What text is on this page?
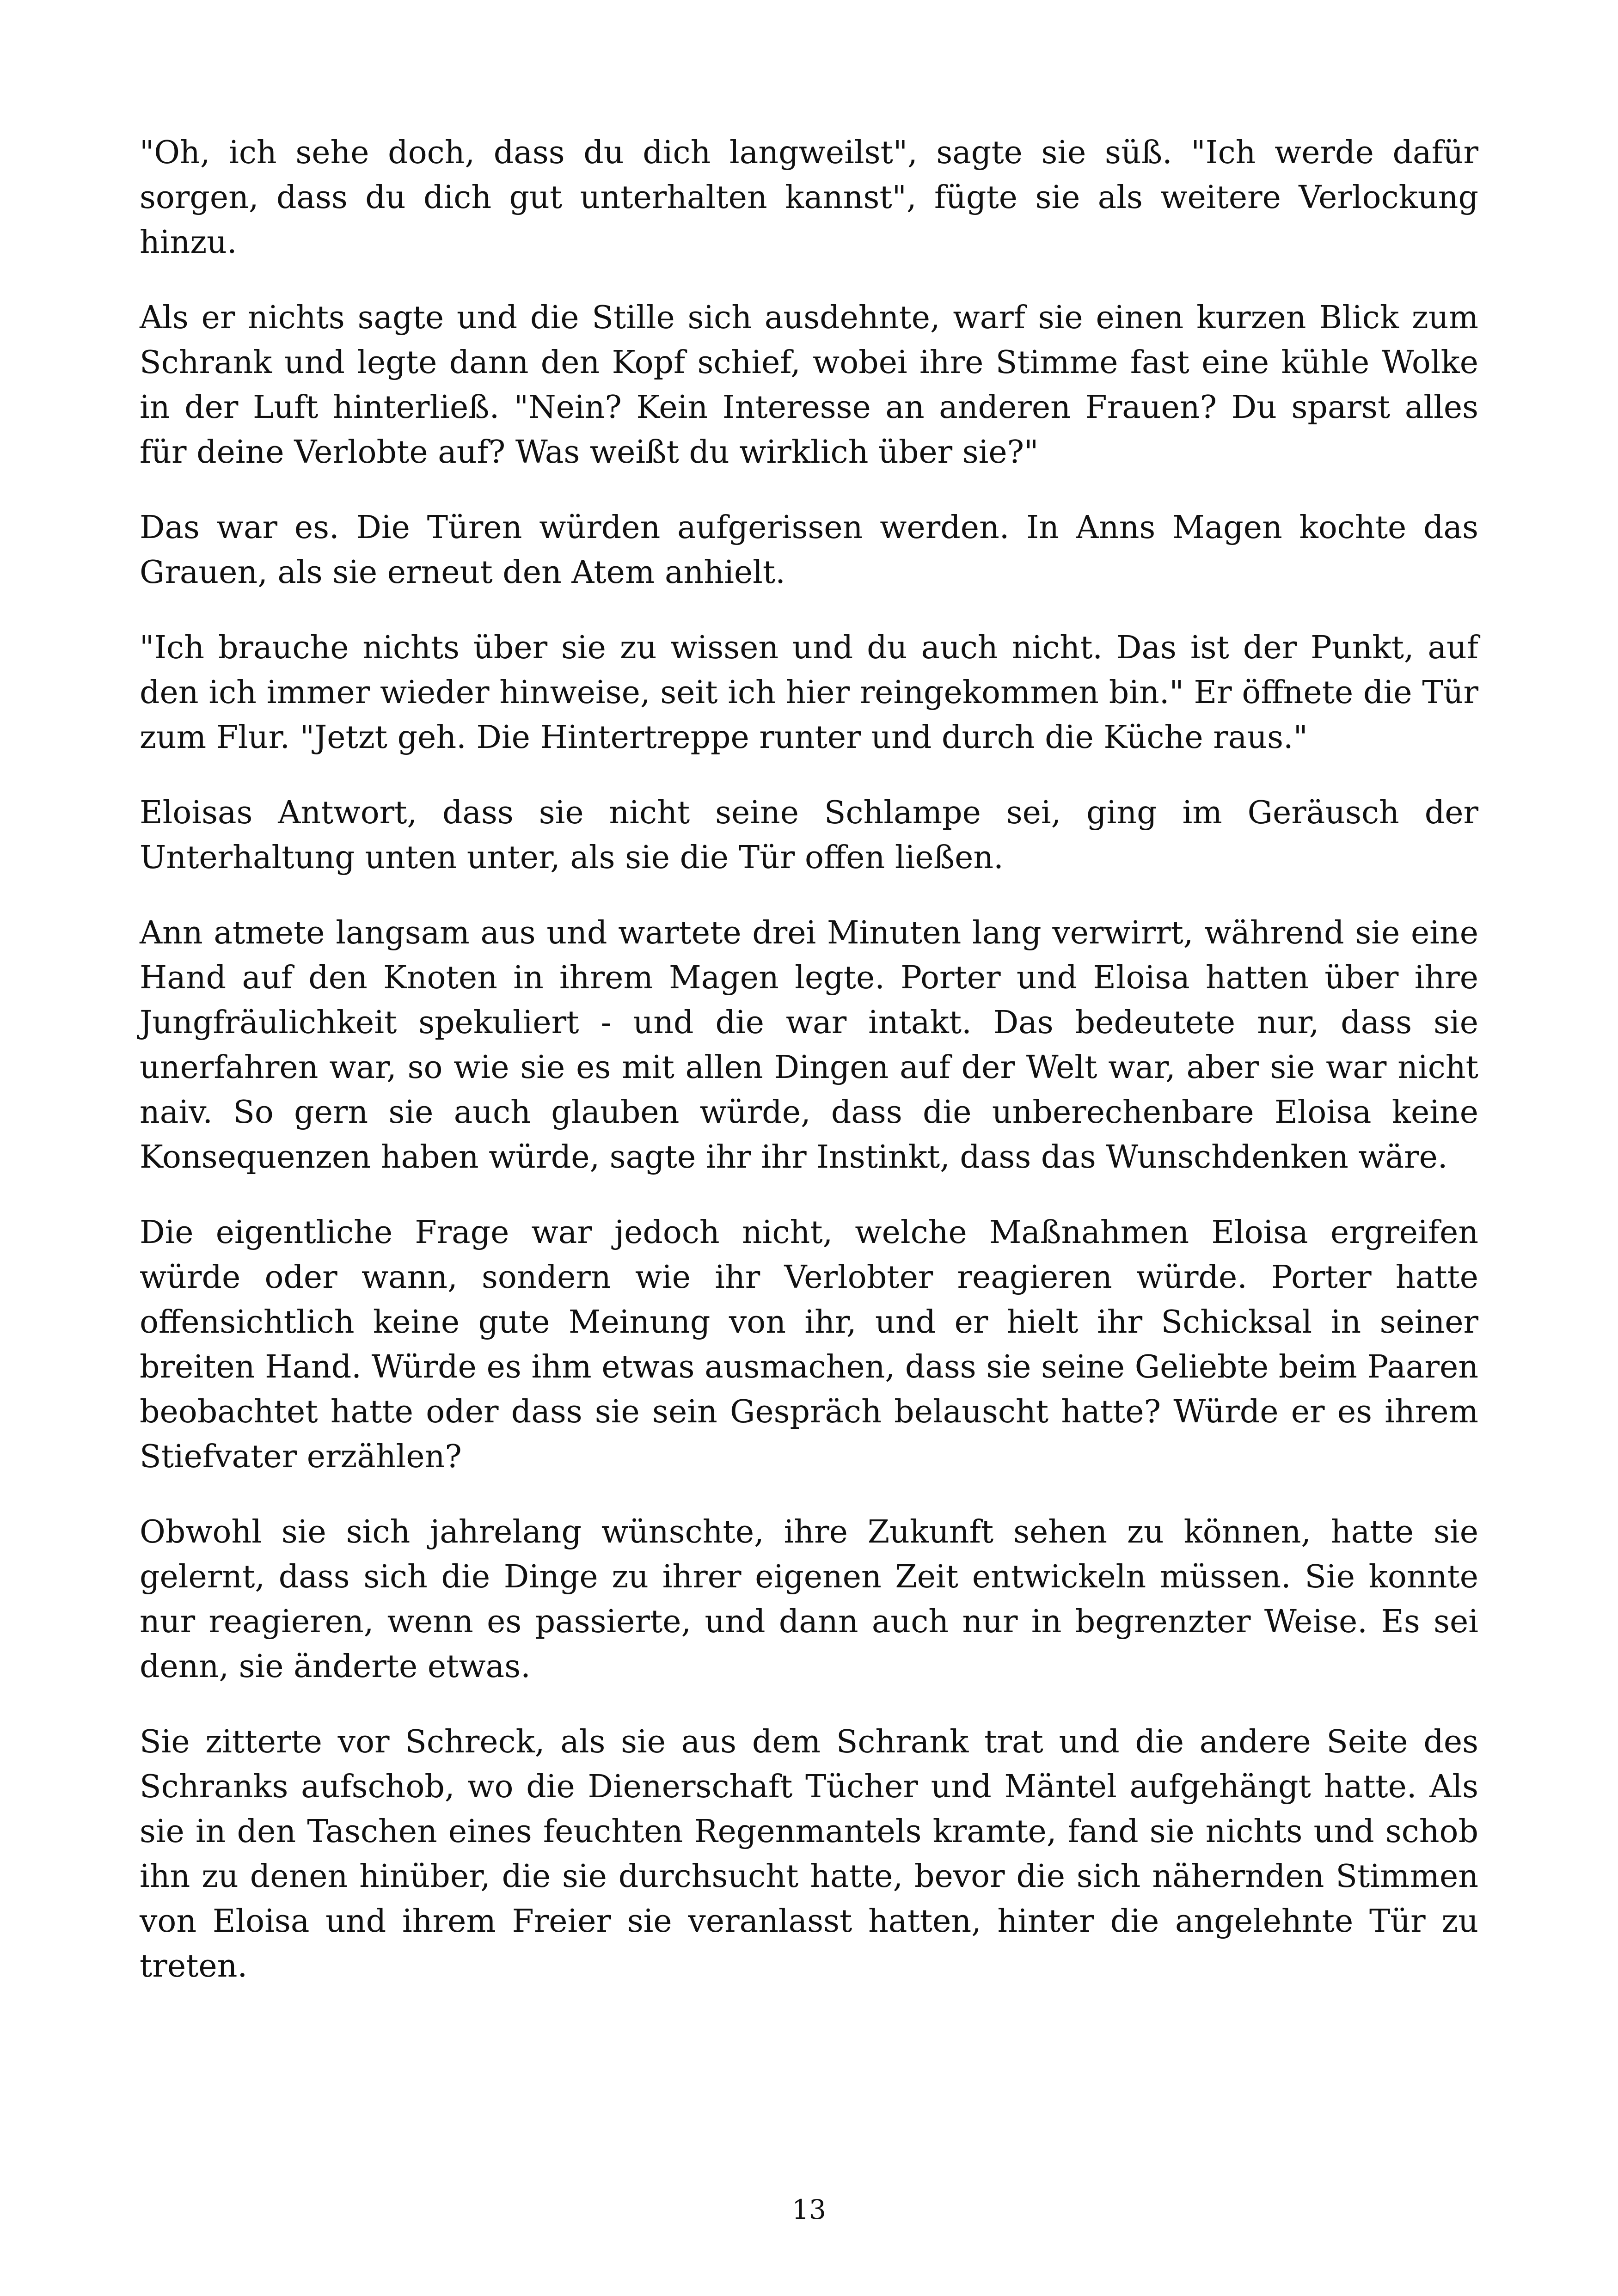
"Oh, ich sehe doch, dass du dich langweilst", sagte sie süß. "Ich werde dafür sorgen, dass du dich gut unterhalten kannst", fügte sie als weitere Verlockung hinzu.

Als er nichts sagte und die Stille sich ausdehnte, warf sie einen kurzen Blick zum Schrank und legte dann den Kopf schief, wobei ihre Stimme fast eine kühle Wolke in der Luft hinterließ. "Nein? Kein Interesse an anderen Frauen? Du sparst alles für deine Verlobte auf? Was weißt du wirklich über sie?"

Das war es. Die Türen würden aufgerissen werden. In Anns Magen kochte das Grauen, als sie erneut den Atem anhielt.

"Ich brauche nichts über sie zu wissen und du auch nicht. Das ist der Punkt, auf den ich immer wieder hinweise, seit ich hier reingekommen bin." Er öffnete die Tür zum Flur. "Jetzt geh. Die Hintertreppe runter und durch die Küche raus."

Eloisas Antwort, dass sie nicht seine Schlampe sei, ging im Geräusch der Unterhaltung unten unter, als sie die Tür offen ließen.

Ann atmete langsam aus und wartete drei Minuten lang verwirrt, während sie eine Hand auf den Knoten in ihrem Magen legte. Porter und Eloisa hatten über ihre Jungfräulichkeit spekuliert - und die war intakt. Das bedeutete nur, dass sie unerfahren war, so wie sie es mit allen Dingen auf der Welt war, aber sie war nicht naiv. So gern sie auch glauben würde, dass die unberechenbare Eloisa keine Konsequenzen haben würde, sagte ihr ihr Instinkt, dass das Wunschdenken wäre.

Die eigentliche Frage war jedoch nicht, welche Maßnahmen Eloisa ergreifen würde oder wann, sondern wie ihr Verlobter reagieren würde. Porter hatte offensichtlich keine gute Meinung von ihr, und er hielt ihr Schicksal in seiner breiten Hand. Würde es ihm etwas ausmachen, dass sie seine Geliebte beim Paaren beobachtet hatte oder dass sie sein Gespräch belauscht hatte? Würde er es ihrem Stiefvater erzählen?

Obwohl sie sich jahrelang wünschte, ihre Zukunft sehen zu können, hatte sie gelernt, dass sich die Dinge zu ihrer eigenen Zeit entwickeln müssen. Sie konnte nur reagieren, wenn es passierte, und dann auch nur in begrenzter Weise. Es sei denn, sie änderte etwas.

Sie zitterte vor Schreck, als sie aus dem Schrank trat und die andere Seite des Schranks aufschob, wo die Dienerschaft Tücher und Mäntel aufgehängt hatte. Als sie in den Taschen eines feuchten Regenmantels kramte, fand sie nichts und schob ihn zu denen hinüber, die sie durchsucht hatte, bevor die sich nähernden Stimmen von Eloisa und ihrem Freier sie veranlasst hatten, hinter die angelehnte Tür zu treten.

13
